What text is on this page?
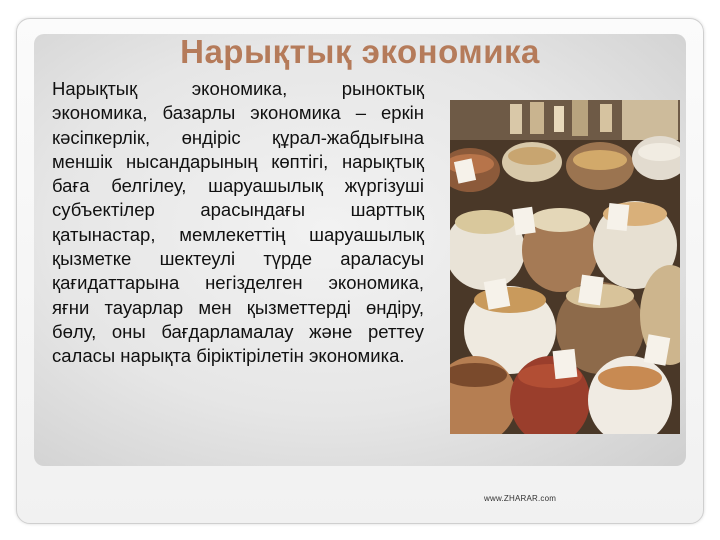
Нарықтық экономика

Нарықтық экономика, рыноктық экономика, базарлы экономика – еркін кәсіпкерлік, өндіріс құрал-жабдығына меншік нысандарының көптігі, нарықтық баға белгілеу, шаруашылық жүргізуші субъектілер арасындағы шарттық қатынастар, мемлекеттің шаруашылық қызметке шектеулі түрде араласуы қағидаттарына негізделген экономика, яғни тауарлар мен қызметтерді өндіру, бөлу, оны бағдарламалау және реттеу саласы нарықта біріктірілетін экономика.

www.ZHARAR.com
